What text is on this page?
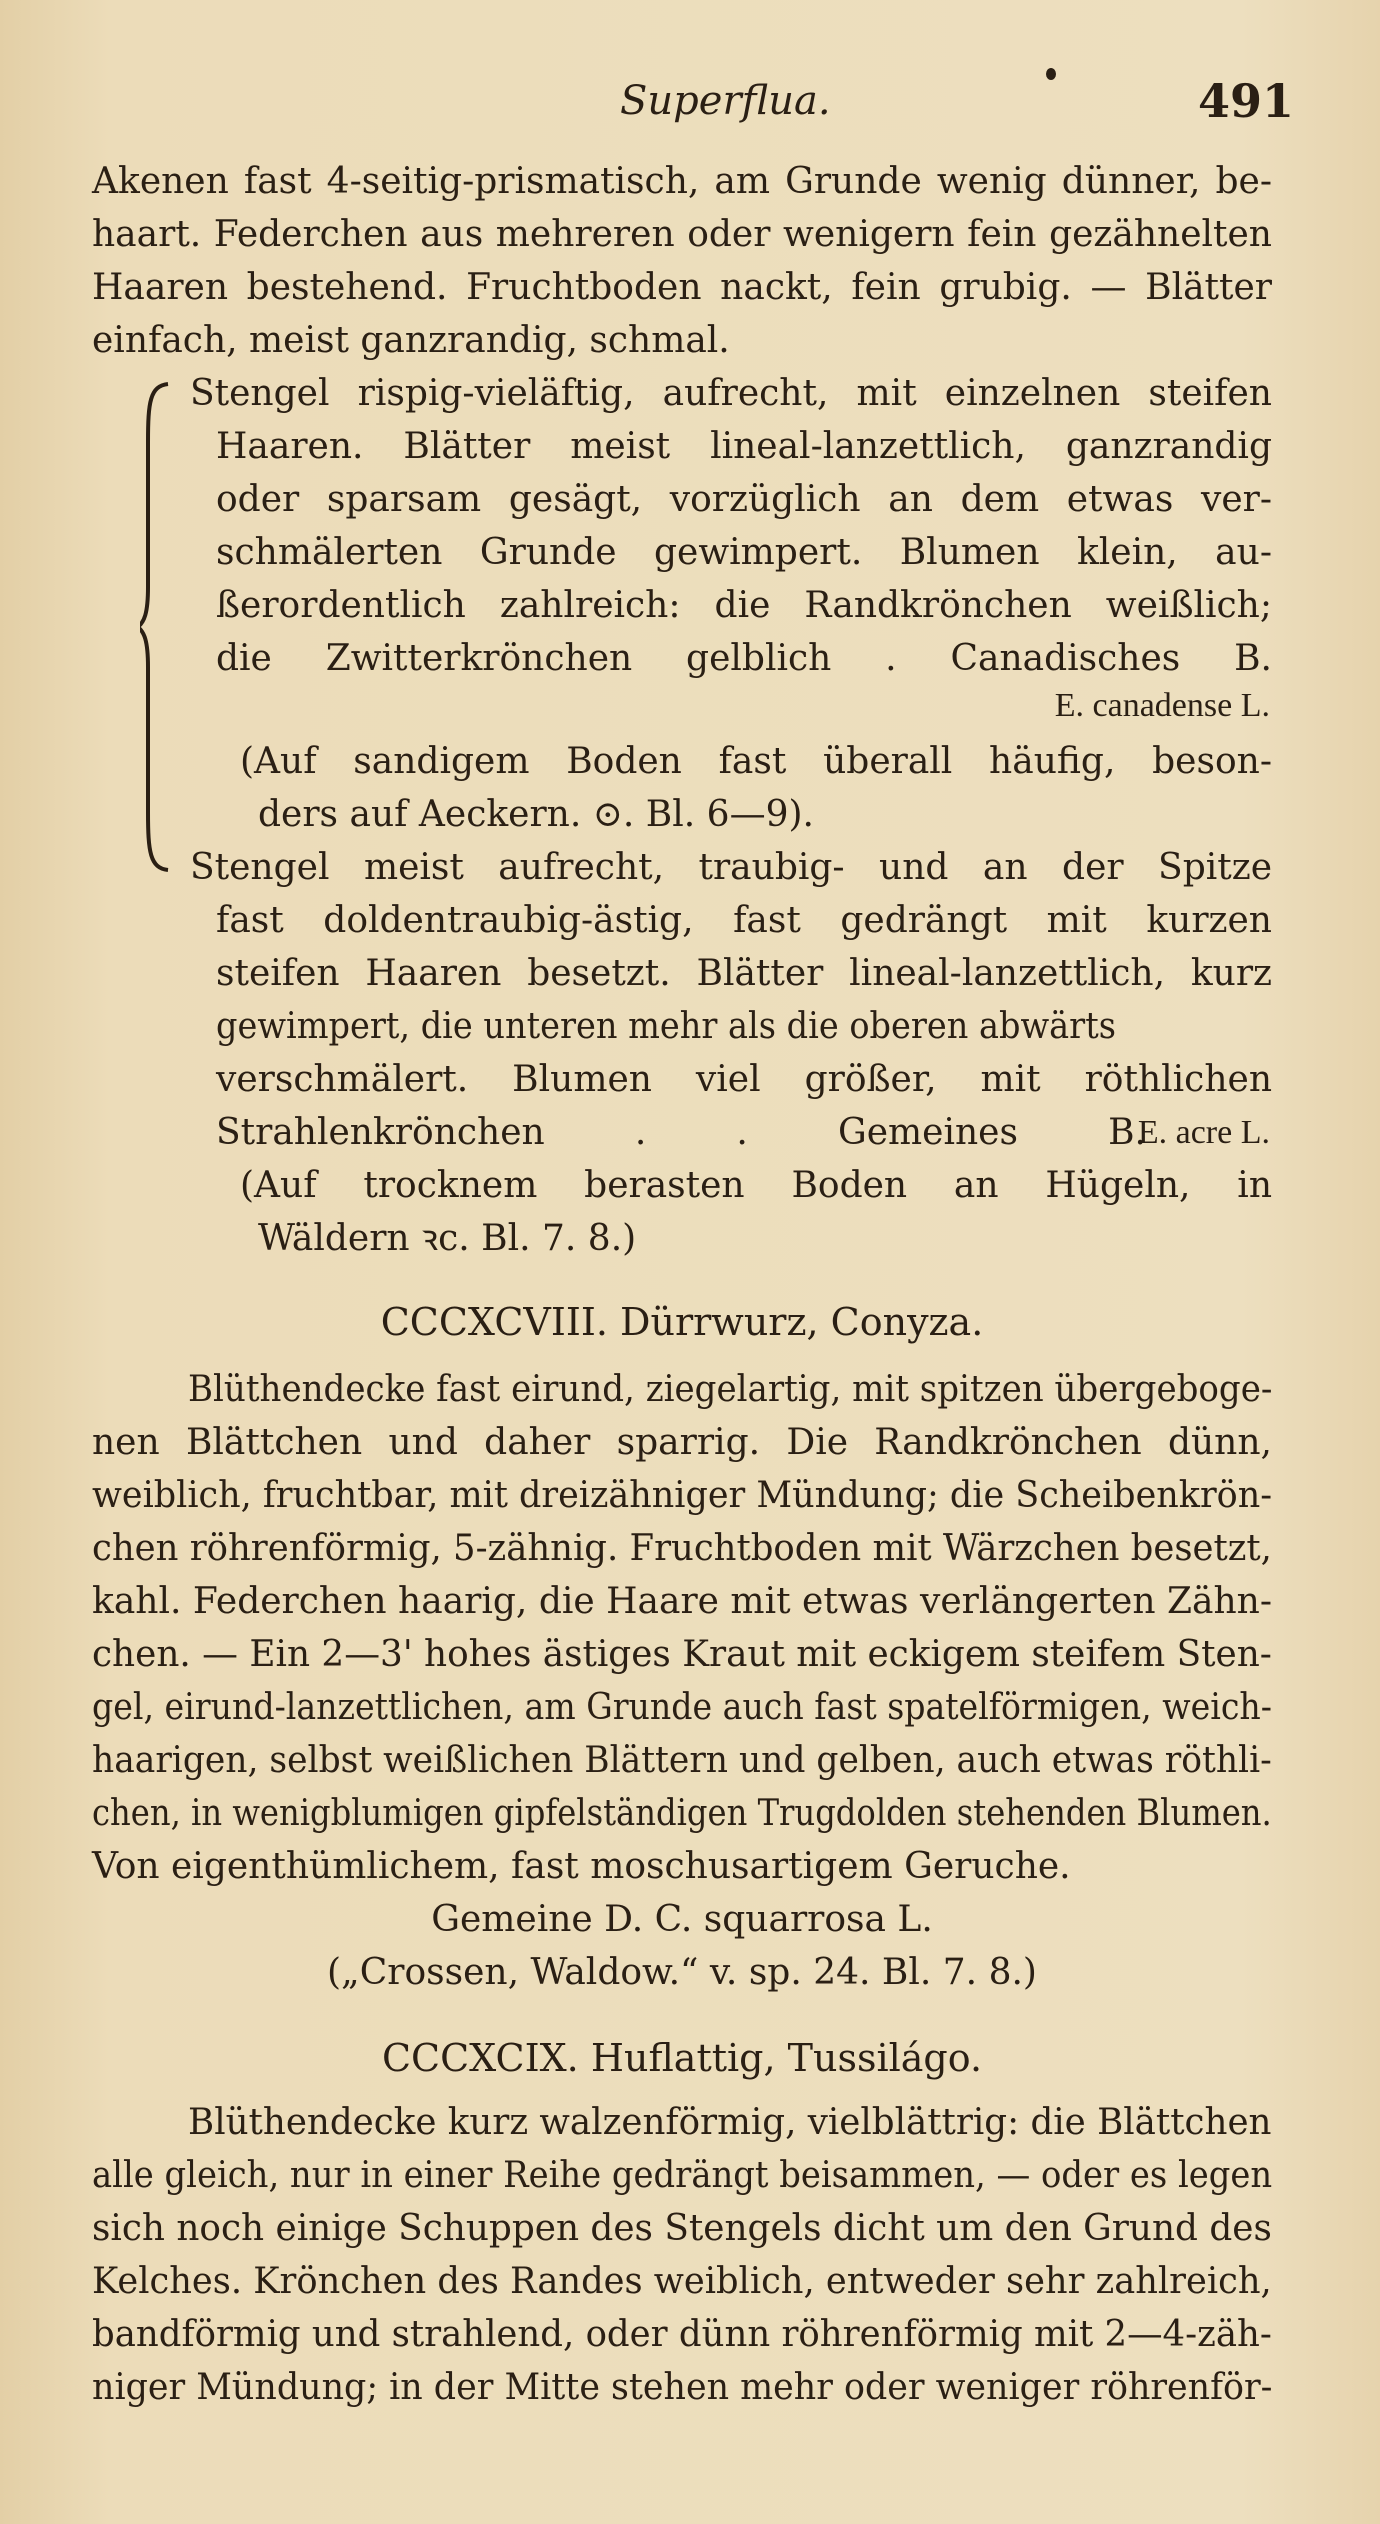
Superflua.	491
Akenen fast 4-seitig-prismatisch, am Grunde wenig dünner, be-
haart. Federchen aus mehreren oder wenigern fein gezähnelten
Haaren bestehend. Fruchtboden nackt, fein grubig. — Blätter
einfach, meist ganzrandig, schmal.
Stengel rispig-vieläftig, aufrecht, mit einzelnen steifen
Haaren. Blätter meist lineal-lanzettlich, ganzrandig
oder sparsam gesägt, vorzüglich an dem etwas ver-
schmälerten Grunde gewimpert. Blumen klein, au-
ßerordentlich zahlreich: die Randkrönchen weißlich;
die Zwitterkrönchen gelblich . Canadisches B.
E. canadense L.
(Auf sandigem Boden fast überall häufig, beson-
ders auf Aeckern. ⊙. Bl. 6—9).
Stengel meist aufrecht, traubig- und an der Spitze
fast doldentraubig-ästig, fast gedrängt mit kurzen
steifen Haaren besetzt. Blätter lineal-lanzettlich, kurz
gewimpert, die unteren mehr als die oberen abwärts
verschmälert. Blumen viel größer, mit röthlichen
Strahlenkrönchen . . Gemeines B.
E. acre L.
(Auf trocknem berasten Boden an Hügeln, in
Wäldern ꝛc. Bl. 7. 8.)
CCCXCVIII. Dürrwurz, Conyza.
Blüthendecke fast eirund, ziegelartig, mit spitzen übergeboge-
nen Blättchen und daher sparrig. Die Randkrönchen dünn,
weiblich, fruchtbar, mit dreizähniger Mündung; die Scheibenkrön-
chen röhrenförmig, 5-zähnig. Fruchtboden mit Wärzchen besetzt,
kahl. Federchen haarig, die Haare mit etwas verlängerten Zähn-
chen. — Ein 2—3' hohes ästiges Kraut mit eckigem steifem Sten-
gel, eirund-lanzettlichen, am Grunde auch fast spatelförmigen, weich-
haarigen, selbst weißlichen Blättern und gelben, auch etwas röthli-
chen, in wenigblumigen gipfelständigen Trugdolden stehenden Blumen.
Von eigenthümlichem, fast moschusartigem Geruche.
Gemeine D. C. squarrosa L.
(„Crossen, Waldow.“ v. sp. 24. Bl. 7. 8.)
CCCXCIX. Huflattig, Tussilágo.
Blüthendecke kurz walzenförmig, vielblättrig: die Blättchen
alle gleich, nur in einer Reihe gedrängt beisammen, — oder es legen
sich noch einige Schuppen des Stengels dicht um den Grund des
Kelches. Krönchen des Randes weiblich, entweder sehr zahlreich,
bandförmig und strahlend, oder dünn röhrenförmig mit 2—4-zäh-
niger Mündung; in der Mitte stehen mehr oder weniger röhrenför-
